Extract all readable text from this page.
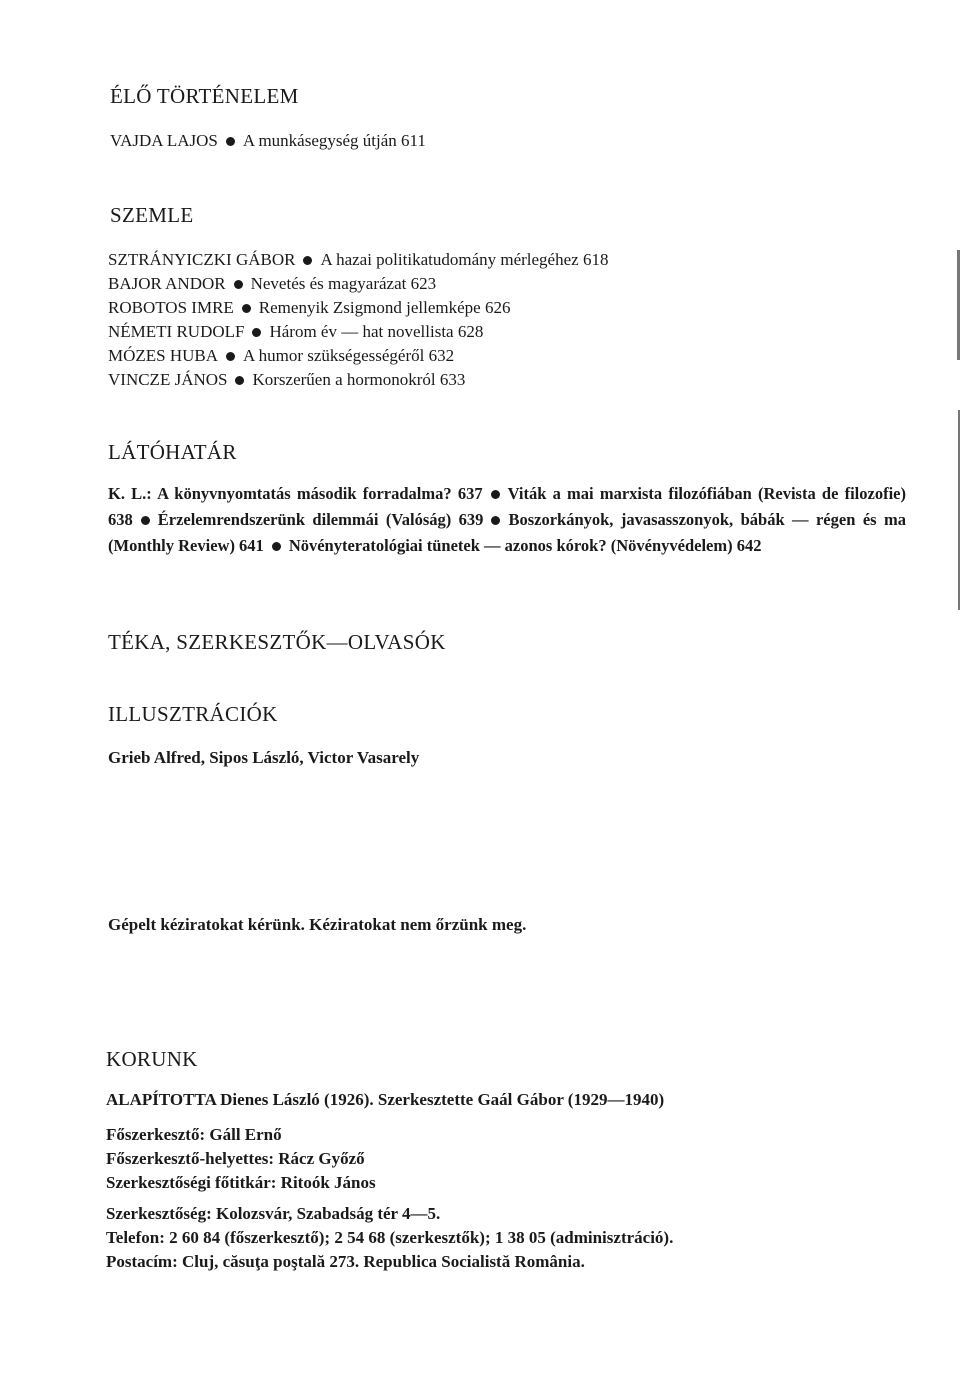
ÉLŐ TÖRTÉNELEM
VAJDA LAJOS A munkásegység útján 611
SZEMLE
SZTRÁNYICZKI GÁBOR A hazai politikatudomány mérlegéhez 618
BAJOR ANDOR Nevetés és magyarázat 623
ROBOTOS IMRE Remenyik Zsigmond jellemképe 626
NÉMETI RUDOLF Három év — hat novellista 628
MÓZES HUBA A humor szükségességéről 632
VINCZE JÁNOS Korszerűen a hormonokról 633
LÁTÓHATÁR
K. L.: A könyvnyomtatás második forradalma? 637 Viták a mai marxista filozófiában (Revista de filozofie) 638 Érzelemrendszerünk dilemmái (Valóság) 639 Boszorkányok, javasasszonyok, bábák — régen és ma (Monthly Review) 641 Növényteratológiai tünetek — azonos kórok? (Növényvédelem) 642
TÉKA, SZERKESZTŐK—OLVASÓK
ILLUSZTRÁCIÓK
Grieb Alfred, Sipos László, Victor Vasarely
Gépelt kéziratokat kérünk. Kéziratokat nem őrzünk meg.
KORUNK
ALAPÍTOTTA Dienes László (1926). Szerkesztette Gaál Gábor (1929—1940)
Főszerkesztő: Gáll Ernő
Főszerkesztő-helyettes: Rácz Győző
Szerkesztőségi főtitkár: Ritoók János
Szerkesztőség: Kolozsvár, Szabadság tér 4—5.
Telefon: 2 60 84 (főszerkesztő); 2 54 68 (szerkesztők); 1 38 05 (adminisztráció).
Postacím: Cluj, căsuţa poştală 273. Republica Socialistă România.
